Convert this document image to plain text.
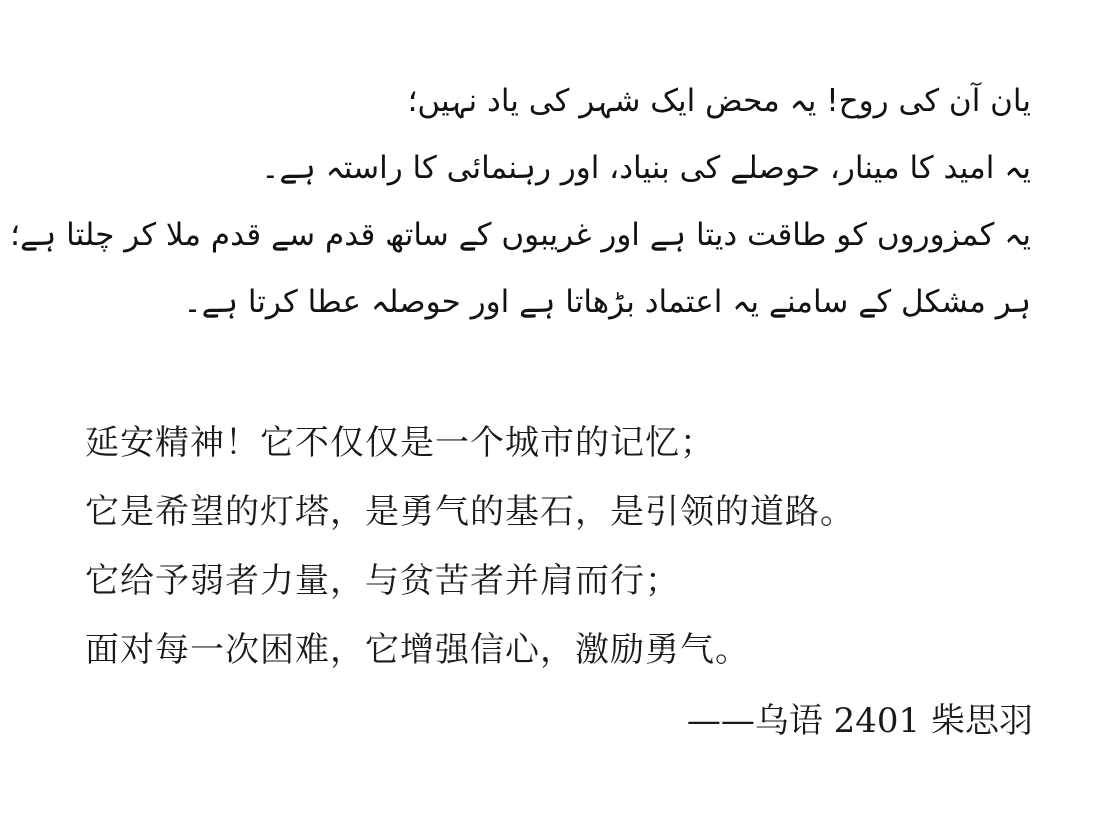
یان آن کی روح! یہ محض ایک شہر کی یاد نہیں؛

یہ امید کا مینار، حوصلے کی بنیاد، اور رہنمائی کا راستہ ہے۔

یہ کمزوروں کو طاقت دیتا ہے اور غریبوں کے ساتھ قدم سے قدم ملا کر چلتا ہے؛

ہر مشکل کے سامنے یہ اعتماد بڑھاتا ہے اور حوصلہ عطا کرتا ہے۔

延安精神！它不仅仅是一个城市的记忆；

它是希望的灯塔，是勇气的基石，是引领的道路。

它给予弱者力量，与贫苦者并肩而行；

面对每一次困难，它增强信心，激励勇气。

——乌语 2401 柴思羽
